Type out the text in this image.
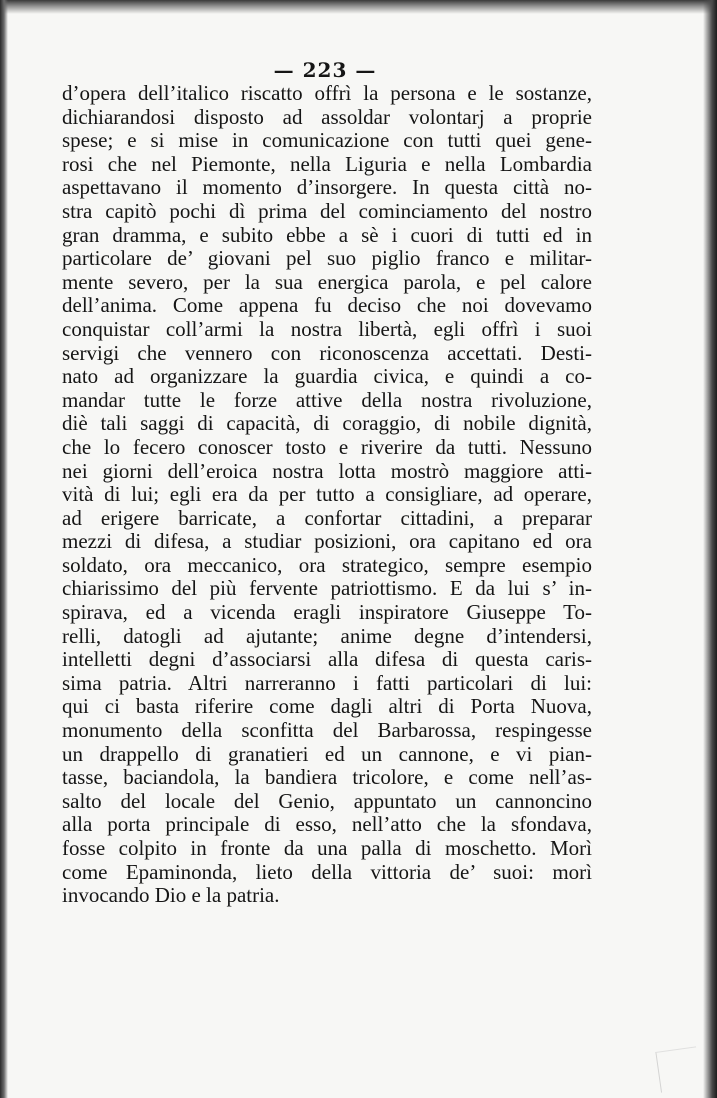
— 223 —
d’opera dell’italico riscatto offrì la persona e le sostanze,
dichiarandosi disposto ad assoldar volontarj a proprie
spese; e si mise in comunicazione con tutti quei gene-
rosi che nel Piemonte, nella Liguria e nella Lombardia
aspettavano il momento d’insorgere. In questa città no-
stra capitò pochi dì prima del cominciamento del nostro
gran dramma, e subito ebbe a sè i cuori di tutti ed in
particolare de’ giovani pel suo piglio franco e militar-
mente severo, per la sua energica parola, e pel calore
dell’anima. Come appena fu deciso che noi dovevamo
conquistar coll’armi la nostra libertà, egli offrì i suoi
servigi che vennero con riconoscenza accettati. Desti-
nato ad organizzare la guardia civica, e quindi a co-
mandar tutte le forze attive della nostra rivoluzione,
diè tali saggi di capacità, di coraggio, di nobile dignità,
che lo fecero conoscer tosto e riverire da tutti. Nessuno
nei giorni dell’eroica nostra lotta mostrò maggiore atti-
vità di lui; egli era da per tutto a consigliare, ad operare,
ad erigere barricate, a confortar cittadini, a preparar
mezzi di difesa, a studiar posizioni, ora capitano ed ora
soldato, ora meccanico, ora strategico, sempre esempio
chiarissimo del più fervente patriottismo. E da lui s’ in-
spirava, ed a vicenda eragli inspiratore Giuseppe To-
relli, datogli ad ajutante; anime degne d’intendersi,
intelletti degni d’associarsi alla difesa di questa caris-
sima patria. Altri narreranno i fatti particolari di lui:
qui ci basta riferire come dagli altri di Porta Nuova,
monumento della sconfitta del Barbarossa, respingesse
un drappello di granatieri ed un cannone, e vi pian-
tasse, baciandola, la bandiera tricolore, e come nell’as-
salto del locale del Genio, appuntato un cannoncino
alla porta principale di esso, nell’atto che la sfondava,
fosse colpito in fronte da una palla di moschetto. Morì
come Epaminonda, lieto della vittoria de’ suoi: morì
invocando Dio e la patria.
